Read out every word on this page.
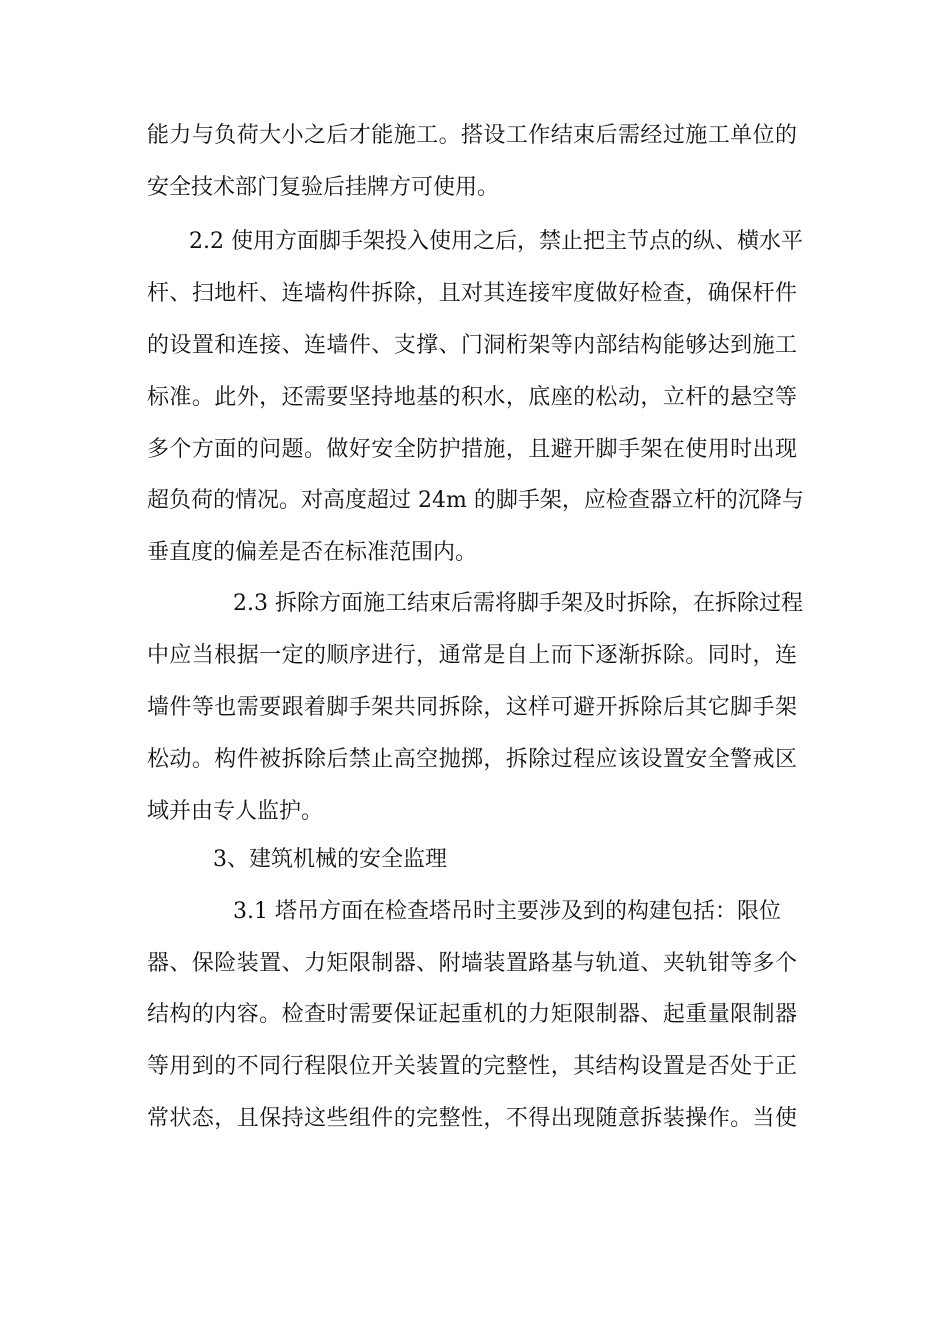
能力与负荷大小之后才能施工。搭设工作结束后需经过施工单位的
安全技术部门复验后挂牌方可使用。
2.2 使用方面脚手架投入使用之后，禁止把主节点的纵、横水平
杆、扫地杆、连墙构件拆除，且对其连接牢度做好检查，确保杆件
的设置和连接、连墙件、支撑、门洞桁架等内部结构能够达到施工
标准。此外，还需要坚持地基的积水，底座的松动，立杆的悬空等
多个方面的问题。做好安全防护措施，且避开脚手架在使用时出现
超负荷的情况。对高度超过 24m 的脚手架，应检查器立杆的沉降与
垂直度的偏差是否在标准范围内。
2.3 拆除方面施工结束后需将脚手架及时拆除，在拆除过程
中应当根据一定的顺序进行，通常是自上而下逐渐拆除。同时，连
墙件等也需要跟着脚手架共同拆除，这样可避开拆除后其它脚手架
松动。构件被拆除后禁止高空抛掷，拆除过程应该设置安全警戒区
域并由专人监护。
3、建筑机械的安全监理
3.1 塔吊方面在检查塔吊时主要涉及到的构建包括：限位
器、保险装置、力矩限制器、附墙装置路基与轨道、夹轨钳等多个
结构的内容。检查时需要保证起重机的力矩限制器、起重量限制器
等用到的不同行程限位开关装置的完整性，其结构设置是否处于正
常状态，且保持这些组件的完整性，不得出现随意拆装操作。当使
